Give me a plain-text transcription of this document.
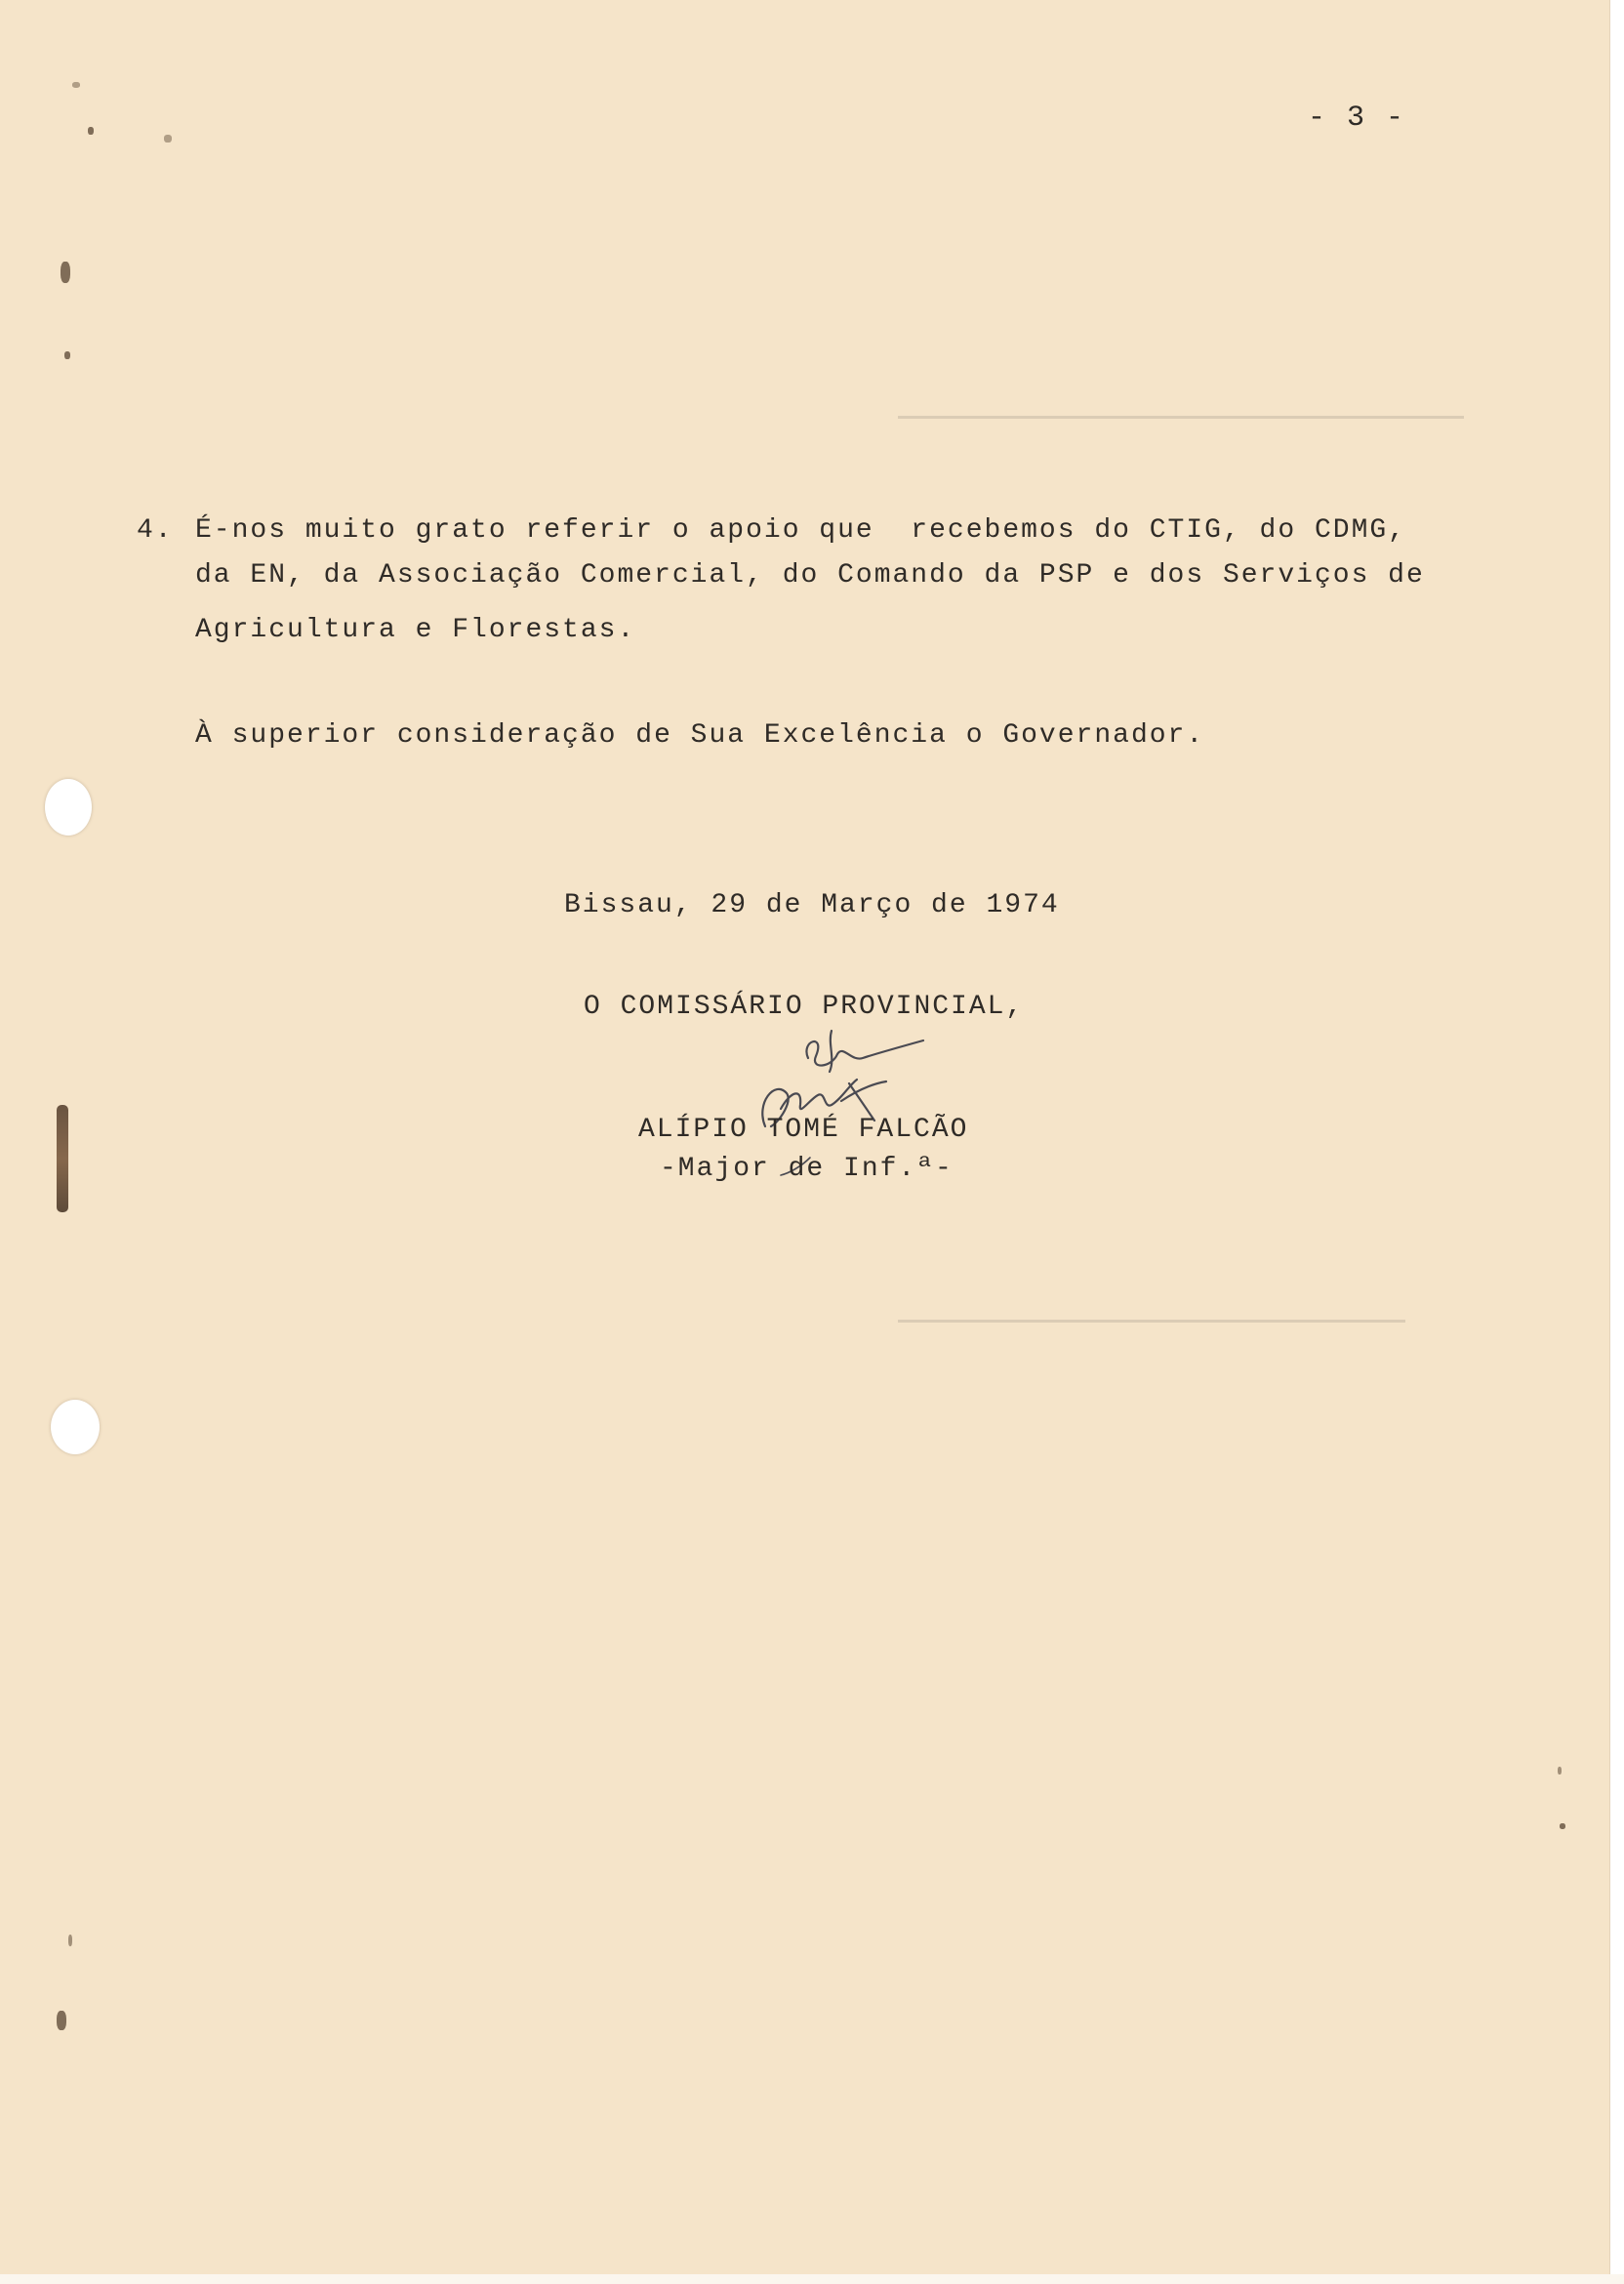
- 3 -
4. É-nos muito grato referir o apoio que  recebemos do CTIG, do CDMG,
da EN, da Associação Comercial, do Comando da PSP e dos Serviços de
Agricultura e Florestas.
À superior consideração de Sua Excelência o Governador.
Bissau, 29 de Março de 1974
O COMISSÁRIO PROVINCIAL,
ALÍPIO TOMÉ FALCÃO
-Major de Inf.ª-
